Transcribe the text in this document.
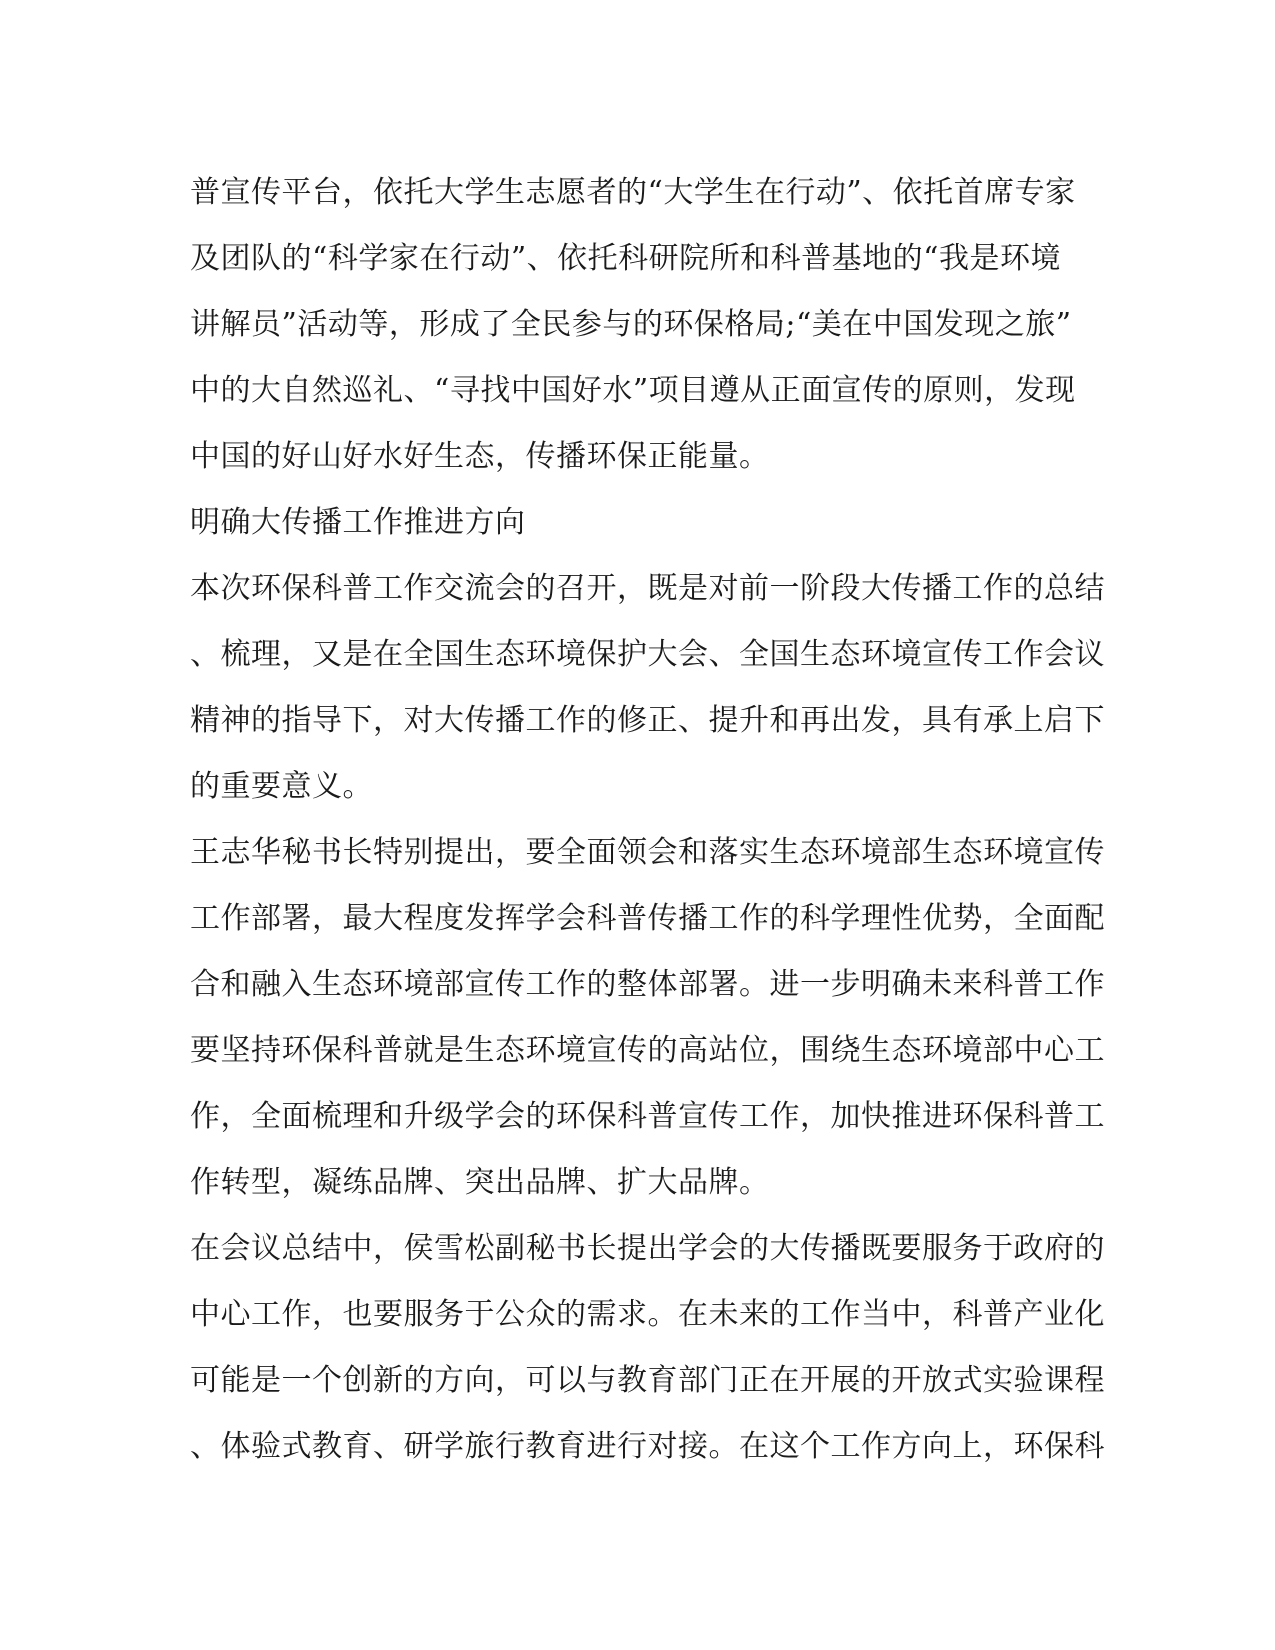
普宣传平台，依托大学生志愿者的“大学生在行动”、依托首席专家
及团队的“科学家在行动”、依托科研院所和科普基地的“我是环境
讲解员”活动等，形成了全民参与的环保格局;“美在中国发现之旅”
中的大自然巡礼、“寻找中国好水”项目遵从正面宣传的原则，发现
中国的好山好水好生态，传播环保正能量。
明确大传播工作推进方向
本次环保科普工作交流会的召开，既是对前一阶段大传播工作的总结
、梳理，又是在全国生态环境保护大会、全国生态环境宣传工作会议
精神的指导下，对大传播工作的修正、提升和再出发，具有承上启下
的重要意义。
王志华秘书长特别提出，要全面领会和落实生态环境部生态环境宣传
工作部署，最大程度发挥学会科普传播工作的科学理性优势，全面配
合和融入生态环境部宣传工作的整体部署。进一步明确未来科普工作
要坚持环保科普就是生态环境宣传的高站位，围绕生态环境部中心工
作，全面梳理和升级学会的环保科普宣传工作，加快推进环保科普工
作转型，凝练品牌、突出品牌、扩大品牌。
在会议总结中，侯雪松副秘书长提出学会的大传播既要服务于政府的
中心工作，也要服务于公众的需求。在未来的工作当中，科普产业化
可能是一个创新的方向，可以与教育部门正在开展的开放式实验课程
、体验式教育、研学旅行教育进行对接。在这个工作方向上，环保科
